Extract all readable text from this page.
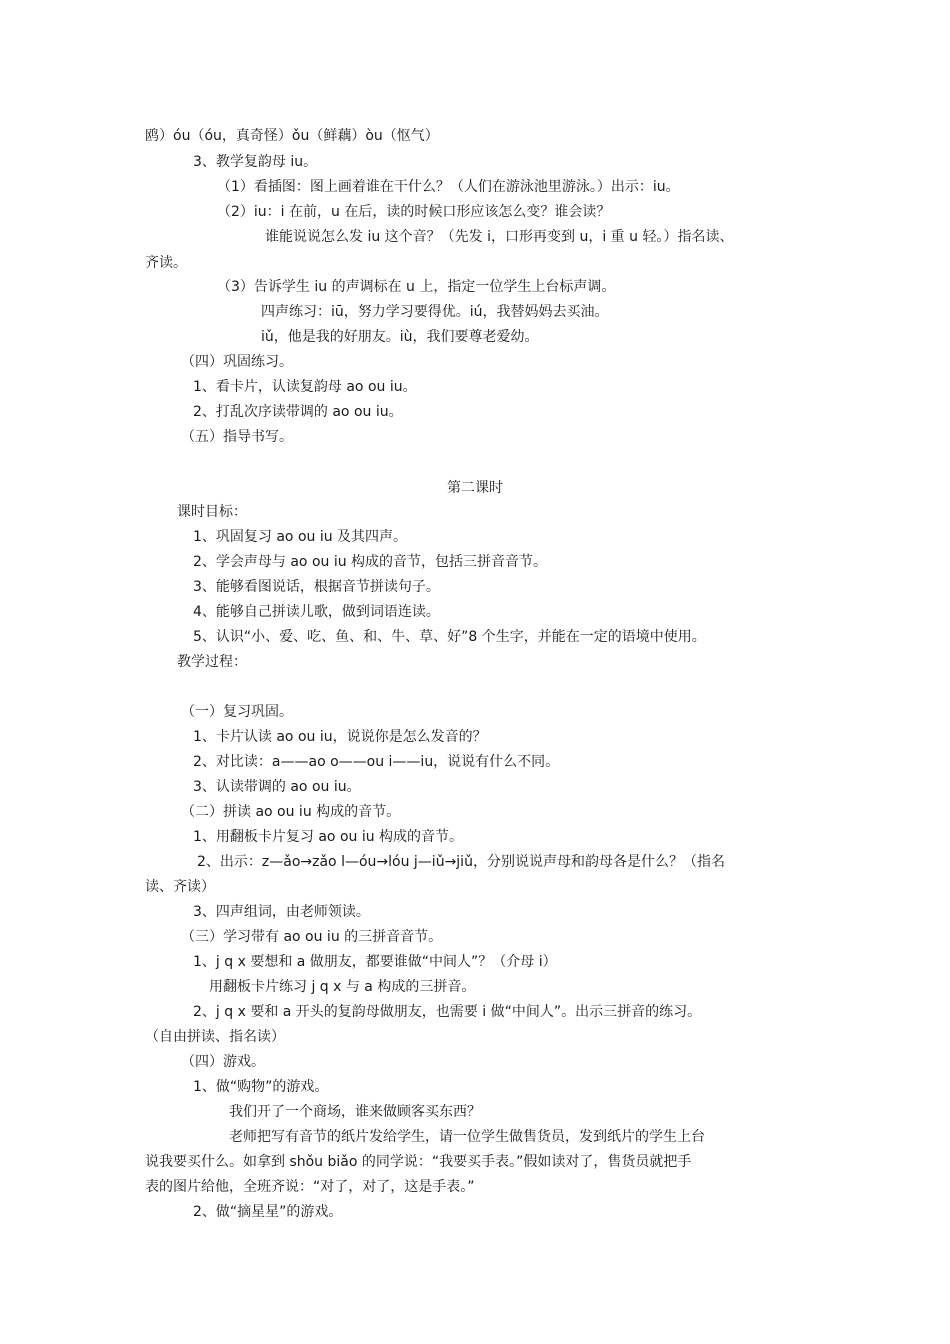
鸥）óu（óu，真奇怪）ǒu（鲜藕）òu（怄气）
3、教学复韵母 iu。
（1）看插图：图上画着谁在干什么？（人们在游泳池里游泳。）出示：iu。
（2）iu：i 在前，u 在后，读的时候口形应该怎么变？谁会读？
谁能说说怎么发 iu 这个音？（先发 i，口形再变到 u，i 重 u 轻。）指名读、
齐读。
（3）告诉学生 iu 的声调标在 u 上，指定一位学生上台标声调。
四声练习：iū，努力学习要得优。iú，我替妈妈去买油。
iǔ，他是我的好朋友。iù，我们要尊老爱幼。
（四）巩固练习。
1、看卡片，认读复韵母 ao ou iu。
2、打乱次序读带调的 ao ou iu。
（五）指导书写。
第二课时
课时目标：
1、巩固复习 ao ou iu 及其四声。
2、学会声母与 ao ou iu 构成的音节，包括三拼音音节。
3、能够看图说话，根据音节拼读句子。
4、能够自己拼读儿歌，做到词语连读。
5、认识“小、爱、吃、鱼、和、牛、草、好”8 个生字，并能在一定的语境中使用。
教学过程：
（一）复习巩固。
1、卡片认读 ao ou iu，说说你是怎么发音的？
2、对比读：a——ao o——ou i——iu，说说有什么不同。
3、认读带调的 ao ou iu。
（二）拼读 ao ou iu 构成的音节。
1、用翻板卡片复习 ao ou iu 构成的音节。
2、出示：z—ǎo→zǎo l—óu→lóu j—iǔ→jiǔ，分别说说声母和韵母各是什么？（指名
读、齐读）
3、四声组词，由老师领读。
（三）学习带有 ao ou iu 的三拼音音节。
1、j q x 要想和 a 做朋友，都要谁做“中间人”？（介母 i）
用翻板卡片练习 j q x 与 a 构成的三拼音。
2、j q x 要和 a 开头的复韵母做朋友，也需要 i 做“中间人”。出示三拼音的练习。
（自由拼读、指名读）
（四）游戏。
1、做“购物”的游戏。
我们开了一个商场，谁来做顾客买东西？
老师把写有音节的纸片发给学生，请一位学生做售货员，发到纸片的学生上台
说我要买什么。如拿到 shǒu biǎo 的同学说：“我要买手表。”假如读对了，售货员就把手
表的图片给他，全班齐说：“对了，对了，这是手表。”
2、做“摘星星”的游戏。
